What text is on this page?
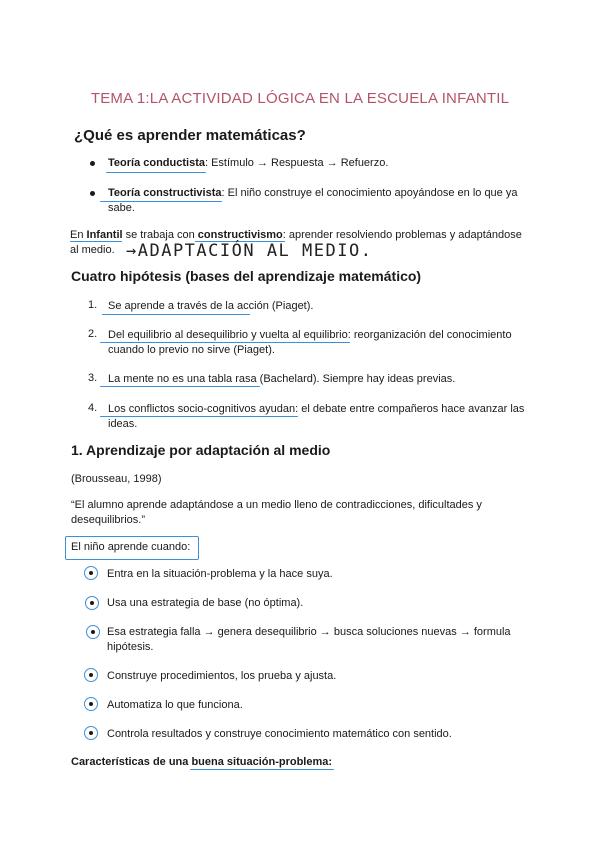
TEMA 1:LA ACTIVIDAD LÓGICA EN LA ESCUELA INFANTIL
¿Qué es aprender matemáticas?
Teoría conductista: Estímulo → Respuesta → Refuerzo.
Teoría constructivista: El niño construye el conocimiento apoyándose en lo que ya
sabe.
En Infantil se trabaja con constructivismo: aprender resolviendo problemas y adaptándose
al medio. →ADAPTACIÓN AL MEDIO.
Cuatro hipótesis (bases del aprendizaje matemático)
1. Se aprende a través de la acción (Piaget).
2. Del equilibrio al desequilibrio y vuelta al equilibrio: reorganización del conocimiento
cuando lo previo no sirve (Piaget).
3. La mente no es una tabla rasa (Bachelard). Siempre hay ideas previas.
4. Los conflictos socio-cognitivos ayudan: el debate entre compañeros hace avanzar las
ideas.
1. Aprendizaje por adaptación al medio
(Brousseau, 1998)
“El alumno aprende adaptándose a un medio lleno de contradicciones, dificultades y
desequilibrios.”
El niño aprende cuando:
Entra en la situación-problema y la hace suya.
Usa una estrategia de base (no óptima).
Esa estrategia falla → genera desequilibrio → busca soluciones nuevas → formula
hipótesis.
Construye procedimientos, los prueba y ajusta.
Automatiza lo que funciona.
Controla resultados y construye conocimiento matemático con sentido.
Características de una buena situación-problema:
